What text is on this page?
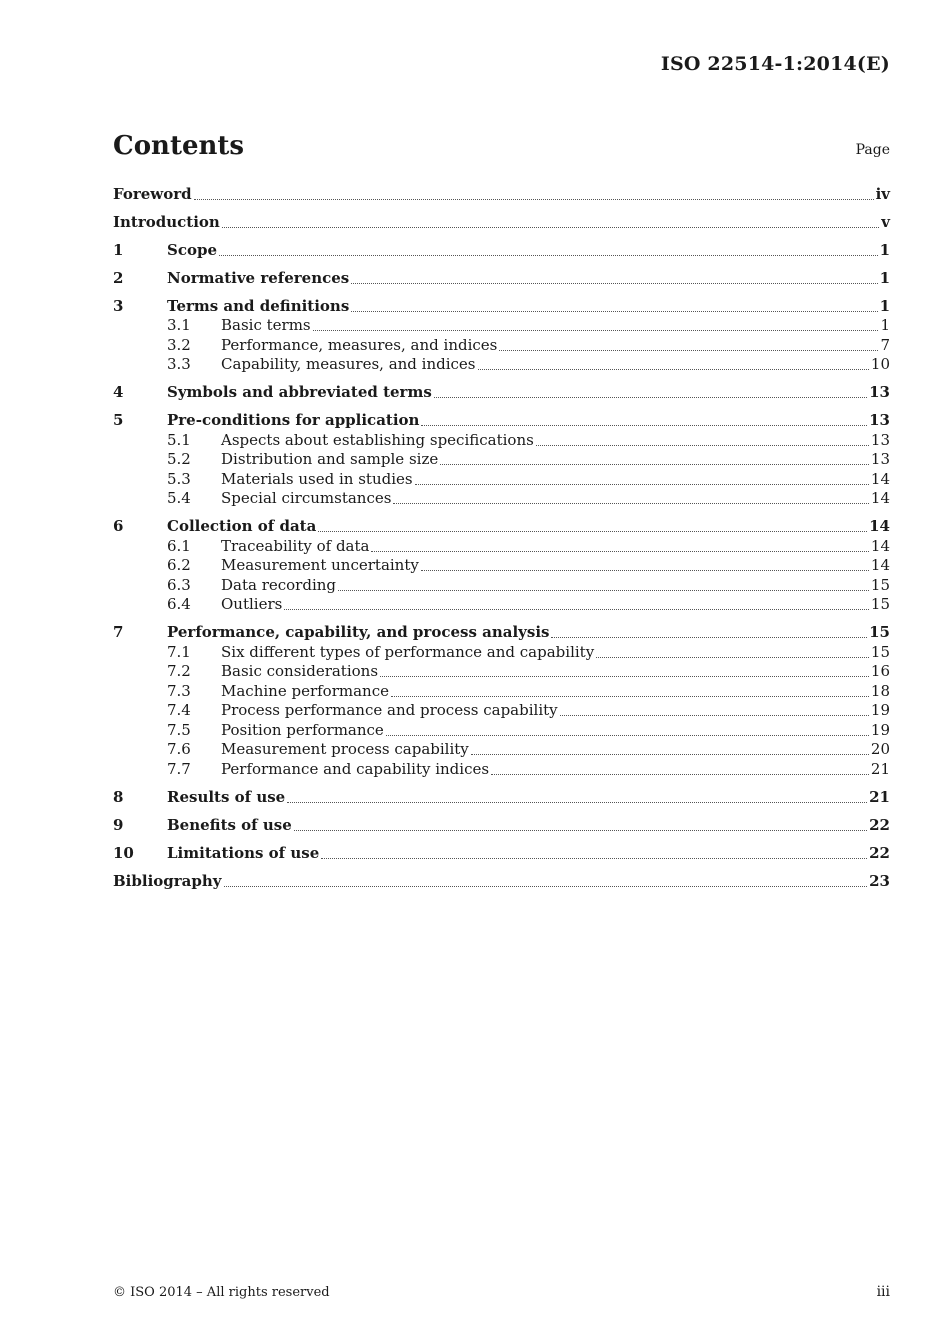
ISO 22514-1:2014(E)
Contents	Page
Foreword	iv
Introduction	v
1	Scope	1
2	Normative references	1
3	Terms and definitions	1
3.1	Basic terms	1
3.2	Performance, measures, and indices	7
3.3	Capability, measures, and indices	10
4	Symbols and abbreviated terms	13
5	Pre-conditions for application	13
5.1	Aspects about establishing specifications	13
5.2	Distribution and sample size	13
5.3	Materials used in studies	14
5.4	Special circumstances	14
6	Collection of data	14
6.1	Traceability of data	14
6.2	Measurement uncertainty	14
6.3	Data recording	15
6.4	Outliers	15
7	Performance, capability, and process analysis	15
7.1	Six different types of performance and capability	15
7.2	Basic considerations	16
7.3	Machine performance	18
7.4	Process performance and process capability	19
7.5	Position performance	19
7.6	Measurement process capability	20
7.7	Performance and capability indices	21
8	Results of use	21
9	Benefits of use	22
10	Limitations of use	22
Bibliography	23
© ISO 2014 – All rights reserved	iii
